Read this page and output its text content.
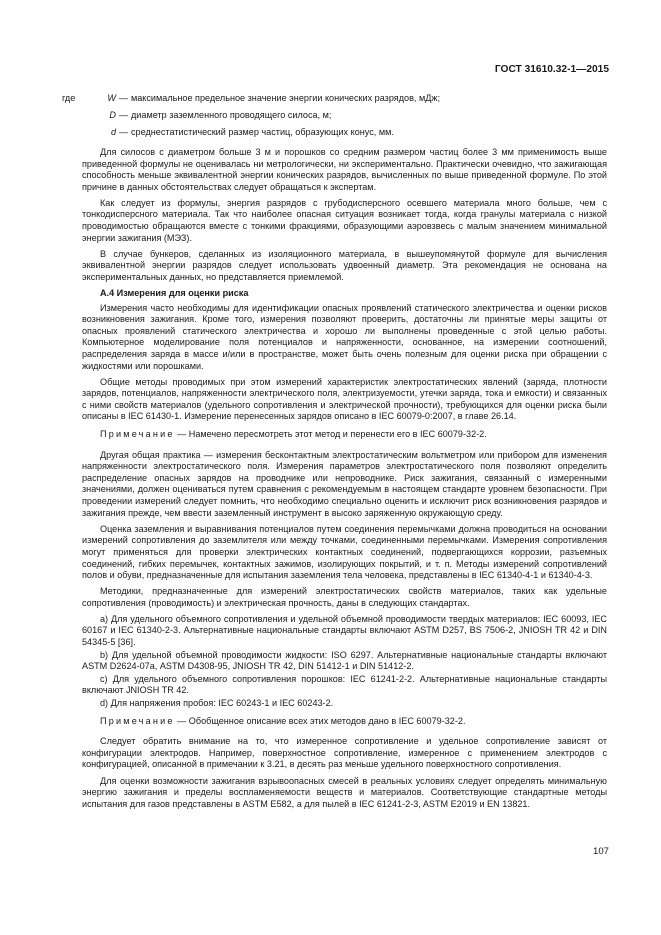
ГОСТ 31610.32-1—2015
где	W — максимальное предельное значение энергии конических разрядов, мДж;
D — диаметр заземленного проводящего силоса, м;
d — среднестатистический размер частиц, образующих конус, мм.

Для силосов с диаметром больше 3 м и порошков со средним размером частиц более 3 мм применимость выше приведенной формулы не оценивалась ни метрологически, ни экспериментально. Практически очевидно, что зажигающая способность меньше эквивалентной энергии конических разрядов, вычисленных по выше приведенной формуле. По этой причине в данных обстоятельствах следует обращаться к экспертам.

Как следует из формулы, энергия разрядов с грубодисперсного осевшего материала много больше, чем с тонкодисперсного материала. Так что наиболее опасная ситуация возникает тогда, когда гранулы материала с низкой проводимостью обращаются вместе с тонкими фракциями, образующими аэровзвесь с малым значением минимальной энергии зажигания (МЭЗ).

В случае бункеров, сделанных из изоляционного материала, в вышеупомянутой формуле для вычисления эквивалентной энергии разрядов следует использовать удвоенный диаметр. Эта рекомендация не основана на экспериментальных данных, но представляется приемлемой.

А.4 Измерения для оценки риска

Измерения часто необходимы для идентификации опасных проявлений статического электричества и оценки рисков возникновения зажигания. Кроме того, измерения позволяют проверить, достаточны ли принятые меры защиты от опасных проявлений статического электричества и хорошо ли выполнены проведенные с этой целью работы. Компьютерное моделирование поля потенциалов и напряженности, основанное, на измерении соотношений, распределения заряда в массе и/или в пространстве, может быть очень полезным для оценки риска при обращении с жидкостями или порошками.

Общие методы проводимых при этом измерений характеристик электростатических явлений (заряда, плотности зарядов, потенциалов, напряженности электрического поля, электризуемости, утечки заряда, тока и емкости) и связанных с ними свойств материалов (удельного сопротивления и электрической прочности), требующихся для оценки риска были описаны в IEC 61430-1. Измерение перенесенных зарядов описано в IEC 60079-0:2007, в главе 26.14.

Примечание — Намечено пересмотреть этот метод и перенести его в IEC 60079-32-2.

Другая общая практика — измерения бесконтактным электростатическим вольтметром или прибором для изменения напряженности электростатического поля. Измерения параметров электростатического поля позволяют определить распределение опасных зарядов на проводнике или непроводнике. Риск зажигания, связанный с измеренными значениями, должен оцениваться путем сравнения с рекомендуемым в настоящем стандарте уровнем безопасности. При проведении измерений следует помнить, что необходимо специально оценить и исключит риск возникновения разрядов и зажигания прежде, чем ввести заземленный инструмент в высоко заряженную окружающую среду.

Оценка заземления и выравнивания потенциалов путем соединения перемычками должна проводиться на основании измерений сопротивления до заземлителя или между точками, соединенными перемычками. Измерения сопротивления могут применяться для проверки электрических контактных соединений, подвергающихся коррозии, разъемных соединений, гибких перемычек, контактных зажимов, изолирующих покрытий, и т. п. Методы измерений сопротивлений полов и обуви, предназначенные для испытания заземления тела человека, представлены в IEC 61340-4-1 и 61340-4-3.

Методики, предназначенные для измерений электростатических свойств материалов, таких как удельные сопротивления (проводимость) и электрическая прочность, даны в следующих стандартах.

а) Для удельного объемного сопротивления и удельной объемной проводимости твердых материалов: IEC 60093, IEC 60167 и IEC 61340-2-3. Альтернативные национальные стандарты включают ASTM D257, BS 7506-2, JNIOSH TR 42 и DIN 54345-5 [36].

b) Для удельной объемной проводимости жидкости: ISO 6297. Альтернативные национальные стандарты включают ASTM D2624-07а, ASTM D4308-95, JNIOSH TR 42, DIN 51412-1 и DIN 51412-2.

c) Для удельного объемного сопротивления порошков: IEC 61241-2-2. Альтернативные национальные стандарты включают JNIOSH TR 42.

d) Для напряжения пробоя: IEC 60243-1 и IEC 60243-2.

Примечание — Обобщенное описание всех этих методов дано в IEC 60079-32-2.

Следует обратить внимание на то, что измеренное сопротивление и удельное сопротивление зависят от конфигурации электродов. Например, поверхностное сопротивление, измеренное с применением электродов с конфигурацией, описанной в примечании к 3.21, в десять раз меньше удельного поверхностного сопротивления.

Для оценки возможности зажигания взрывоопасных смесей в реальных условиях следует определять минимальную энергию зажигания и пределы воспламеняемости веществ и материалов. Соответствующие стандартные методы испытания для газов представлены в ASTM E582, а для пылей в IEC 61241-2-3, ASTM E2019 и EN 13821.

107
